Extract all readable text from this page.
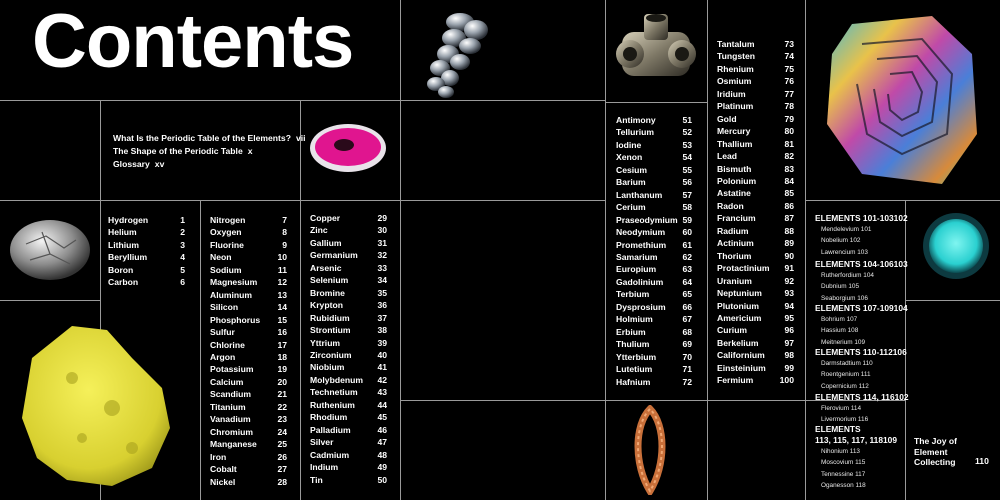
Contents
What Is the Periodic Table of the Elements? vii
The Shape of the Periodic Table x
Glossary xv
Hydrogen	1
Helium	2
Lithium	3
Beryllium	4
Boron	5
Carbon	6
Nitrogen	7
Oxygen	8
Fluorine	9
Neon	10
Sodium	11
Magnesium 12
Aluminum	13
Silicon	14
Phosphorus 15
Sulfur	16
Chlorine	17
Argon	18
Potassium	19
Calcium	20
Scandium	21
Titanium	22
Vanadium	23
Chromium	24
Manganese 25
Iron	26
Cobalt	27
Nickel	28
Copper	29
Zinc	30
Gallium	31
Germanium 32
Arsenic	33
Selenium	34
Bromine	35
Krypton	36
Rubidium	37
Strontium	38
Yttrium	39
Zirconium	40
Niobium	41
Molybdenum 42
Technetium 43
Ruthenium	44
Rhodium	45
Palladium	46
Silver	47
Cadmium	48
Indium	49
Tin	50
Antimony	51
Tellurium	52
Iodine	53
Xenon	54
Cesium	55
Barium	56
Lanthanum 57
Cerium	58
Praseodymium 59
Neodymium 60
Promethium 61
Samarium	62
Europium	63
Gadolinium 64
Terbium	65
Dysprosium 66
Holmium	67
Erbium	68
Thulium	69
Ytterbium	70
Lutetium	71
Hafnium	72
Tantalum	73
Tungsten	74
Rhenium	75
Osmium	76
Iridium	77
Platinum	78
Gold	79
Mercury	80
Thallium	81
Lead	82
Bismuth	83
Polonium	84
Astatine	85
Radon	86
Francium	87
Radium	88
Actinium	89
Thorium	90
Protactinium 91
Uranium	92
Neptunium	93
Plutonium	94
Americium	95
Curium	96
Berkelium	97
Californium 98
Einsteinium 99
Fermium	100
ELEMENTS 101-103 102
Mendelevium 101
Nobelium 102
Lawrencium 103
ELEMENTS 104-106 103
Rutherfordium 104
Dubnium 105
Seaborgium 106
ELEMENTS 107-109 104
Bohrium 107
Hassium 108
Meitnerium 109
ELEMENTS 110-112 106
Darmstadtium 110
Roentgenium 111
Copernicium 112
ELEMENTS 114, 116 102
Flerovium 114
Livermorium 116
ELEMENTS
113, 115, 117, 118 109
Nihonium 113
Moscovium 115
Tennessine 117
Oganesson 118
The Joy of
Element
Collecting 110
